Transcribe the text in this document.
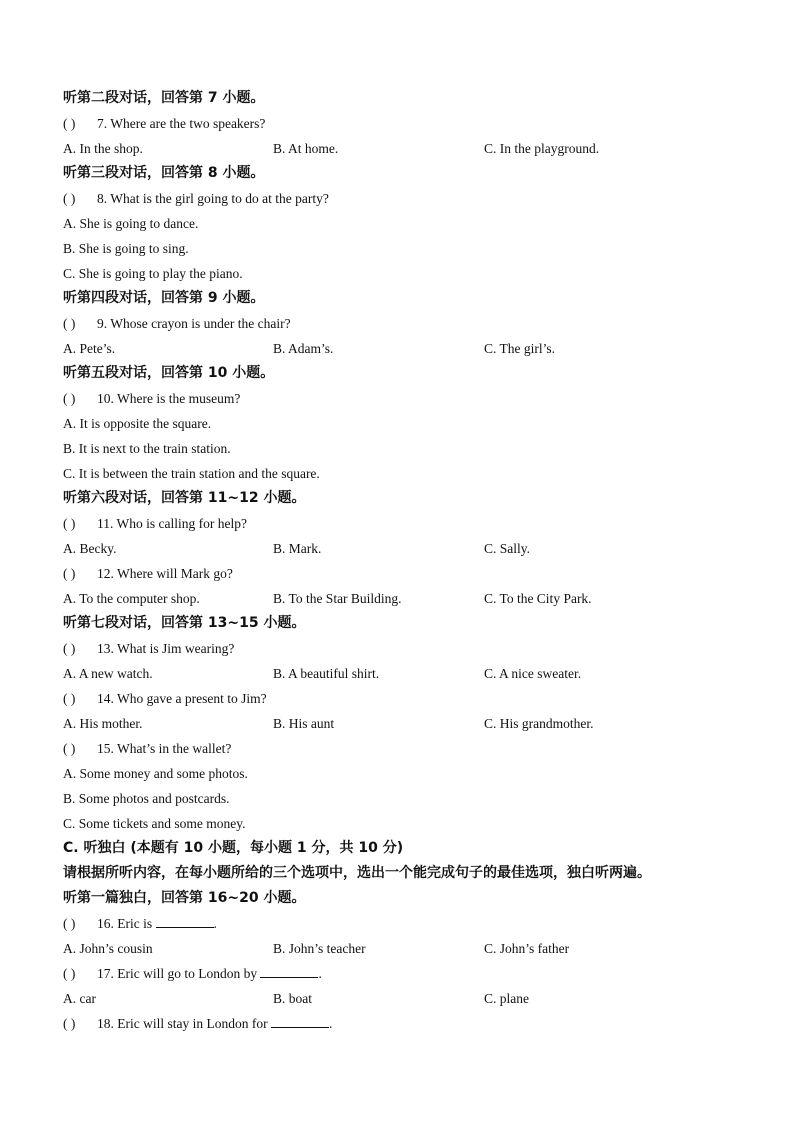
听第二段对话，回答第 7 小题。
( ) 7. Where are the two speakers?
A. In the shop.	B. At home.	C. In the playground.
听第三段对话，回答第 8 小题。
( ) 8. What is the girl going to do at the party?
A. She is going to dance.
B. She is going to sing.
C. She is going to play the piano.
听第四段对话，回答第 9 小题。
( ) 9. Whose crayon is under the chair?
A. Pete’s.	B. Adam’s.	C. The girl’s.
听第五段对话，回答第 10 小题。
( ) 10. Where is the museum?
A. It is opposite the square.
B. It is next to the train station.
C. It is between the train station and the square.
听第六段对话，回答第 11~12 小题。
( ) 11. Who is calling for help?
A. Becky.	B. Mark.	C. Sally.
( ) 12. Where will Mark go?
A. To the computer shop.	B. To the Star Building.	C. To the City Park.
听第七段对话，回答第 13~15 小题。
( ) 13. What is Jim wearing?
A. A new watch.	B. A beautiful shirt.	C. A nice sweater.
( ) 14. Who gave a present to Jim?
A. His mother.	B. His aunt	C. His grandmother.
( ) 15. What’s in the wallet?
A. Some money and some photos.
B. Some photos and postcards.
C. Some tickets and some money.
C. 听独白 (本题有 10 小题，每小题 1 分，共 10 分)
请根据所听内容，在每小题所给的三个选项中，选出一个能完成句子的最佳选项，独白听两遍。
听第一篇独白，回答第 16~20 小题。
( ) 16. Eric is	.
A. John’s cousin	B. John’s teacher	C. John’s father
( ) 17. Eric will go to London by	.
A. car	B. boat	C. plane
( ) 18. Eric will stay in London for	.
